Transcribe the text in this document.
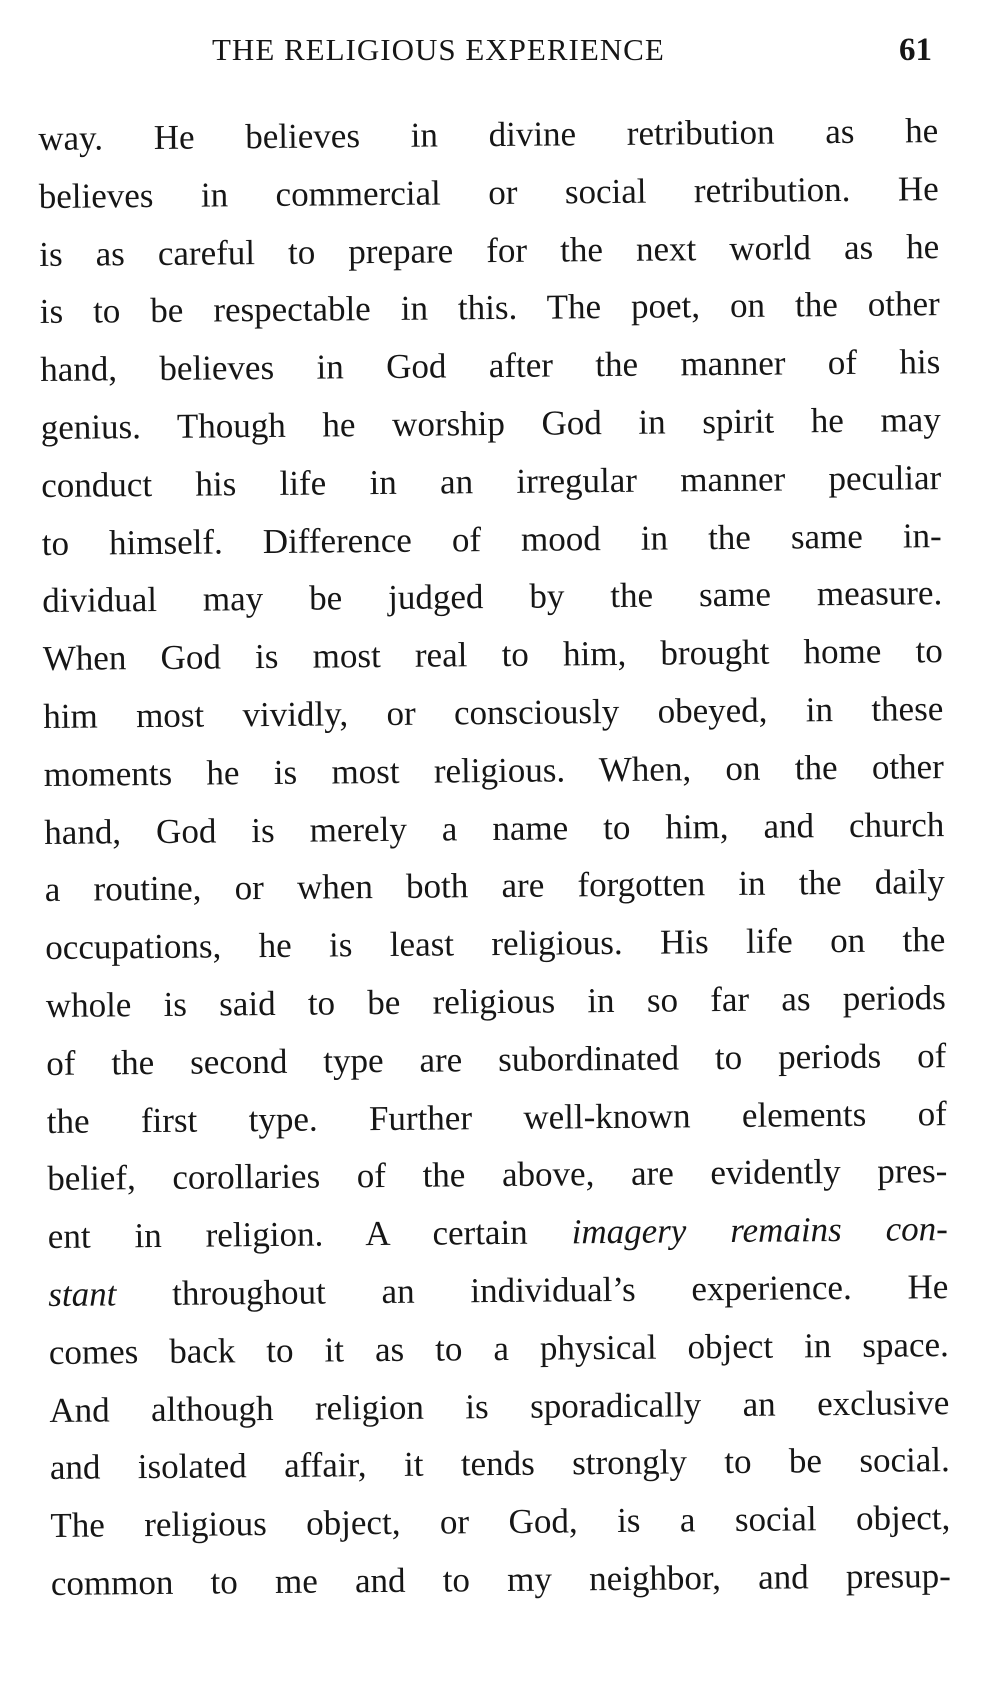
THE RELIGIOUS EXPERIENCE	61
way. He believes in divine retribution as he
believes in commercial or social retribution. He
is as careful to prepare for the next world as he
is to be respectable in this. The poet, on the other
hand, believes in God after the manner of his
genius. Though he worship God in spirit he may
conduct his life in an irregular manner peculiar
to himself. Difference of mood in the same in-
dividual may be judged by the same measure.
When God is most real to him, brought home to
him most vividly, or consciously obeyed, in these
moments he is most religious. When, on the other
hand, God is merely a name to him, and church
a routine, or when both are forgotten in the daily
occupations, he is least religious. His life on the
whole is said to be religious in so far as periods
of the second type are subordinated to periods of
the first type. Further well-known elements of
belief, corollaries of the above, are evidently pres-
ent in religion. A certain imagery remains con-
stant throughout an individual’s experience. He
comes back to it as to a physical object in space.
And although religion is sporadically an exclusive
and isolated affair, it tends strongly to be social.
The religious object, or God, is a social object,
common to me and to my neighbor, and presup-
